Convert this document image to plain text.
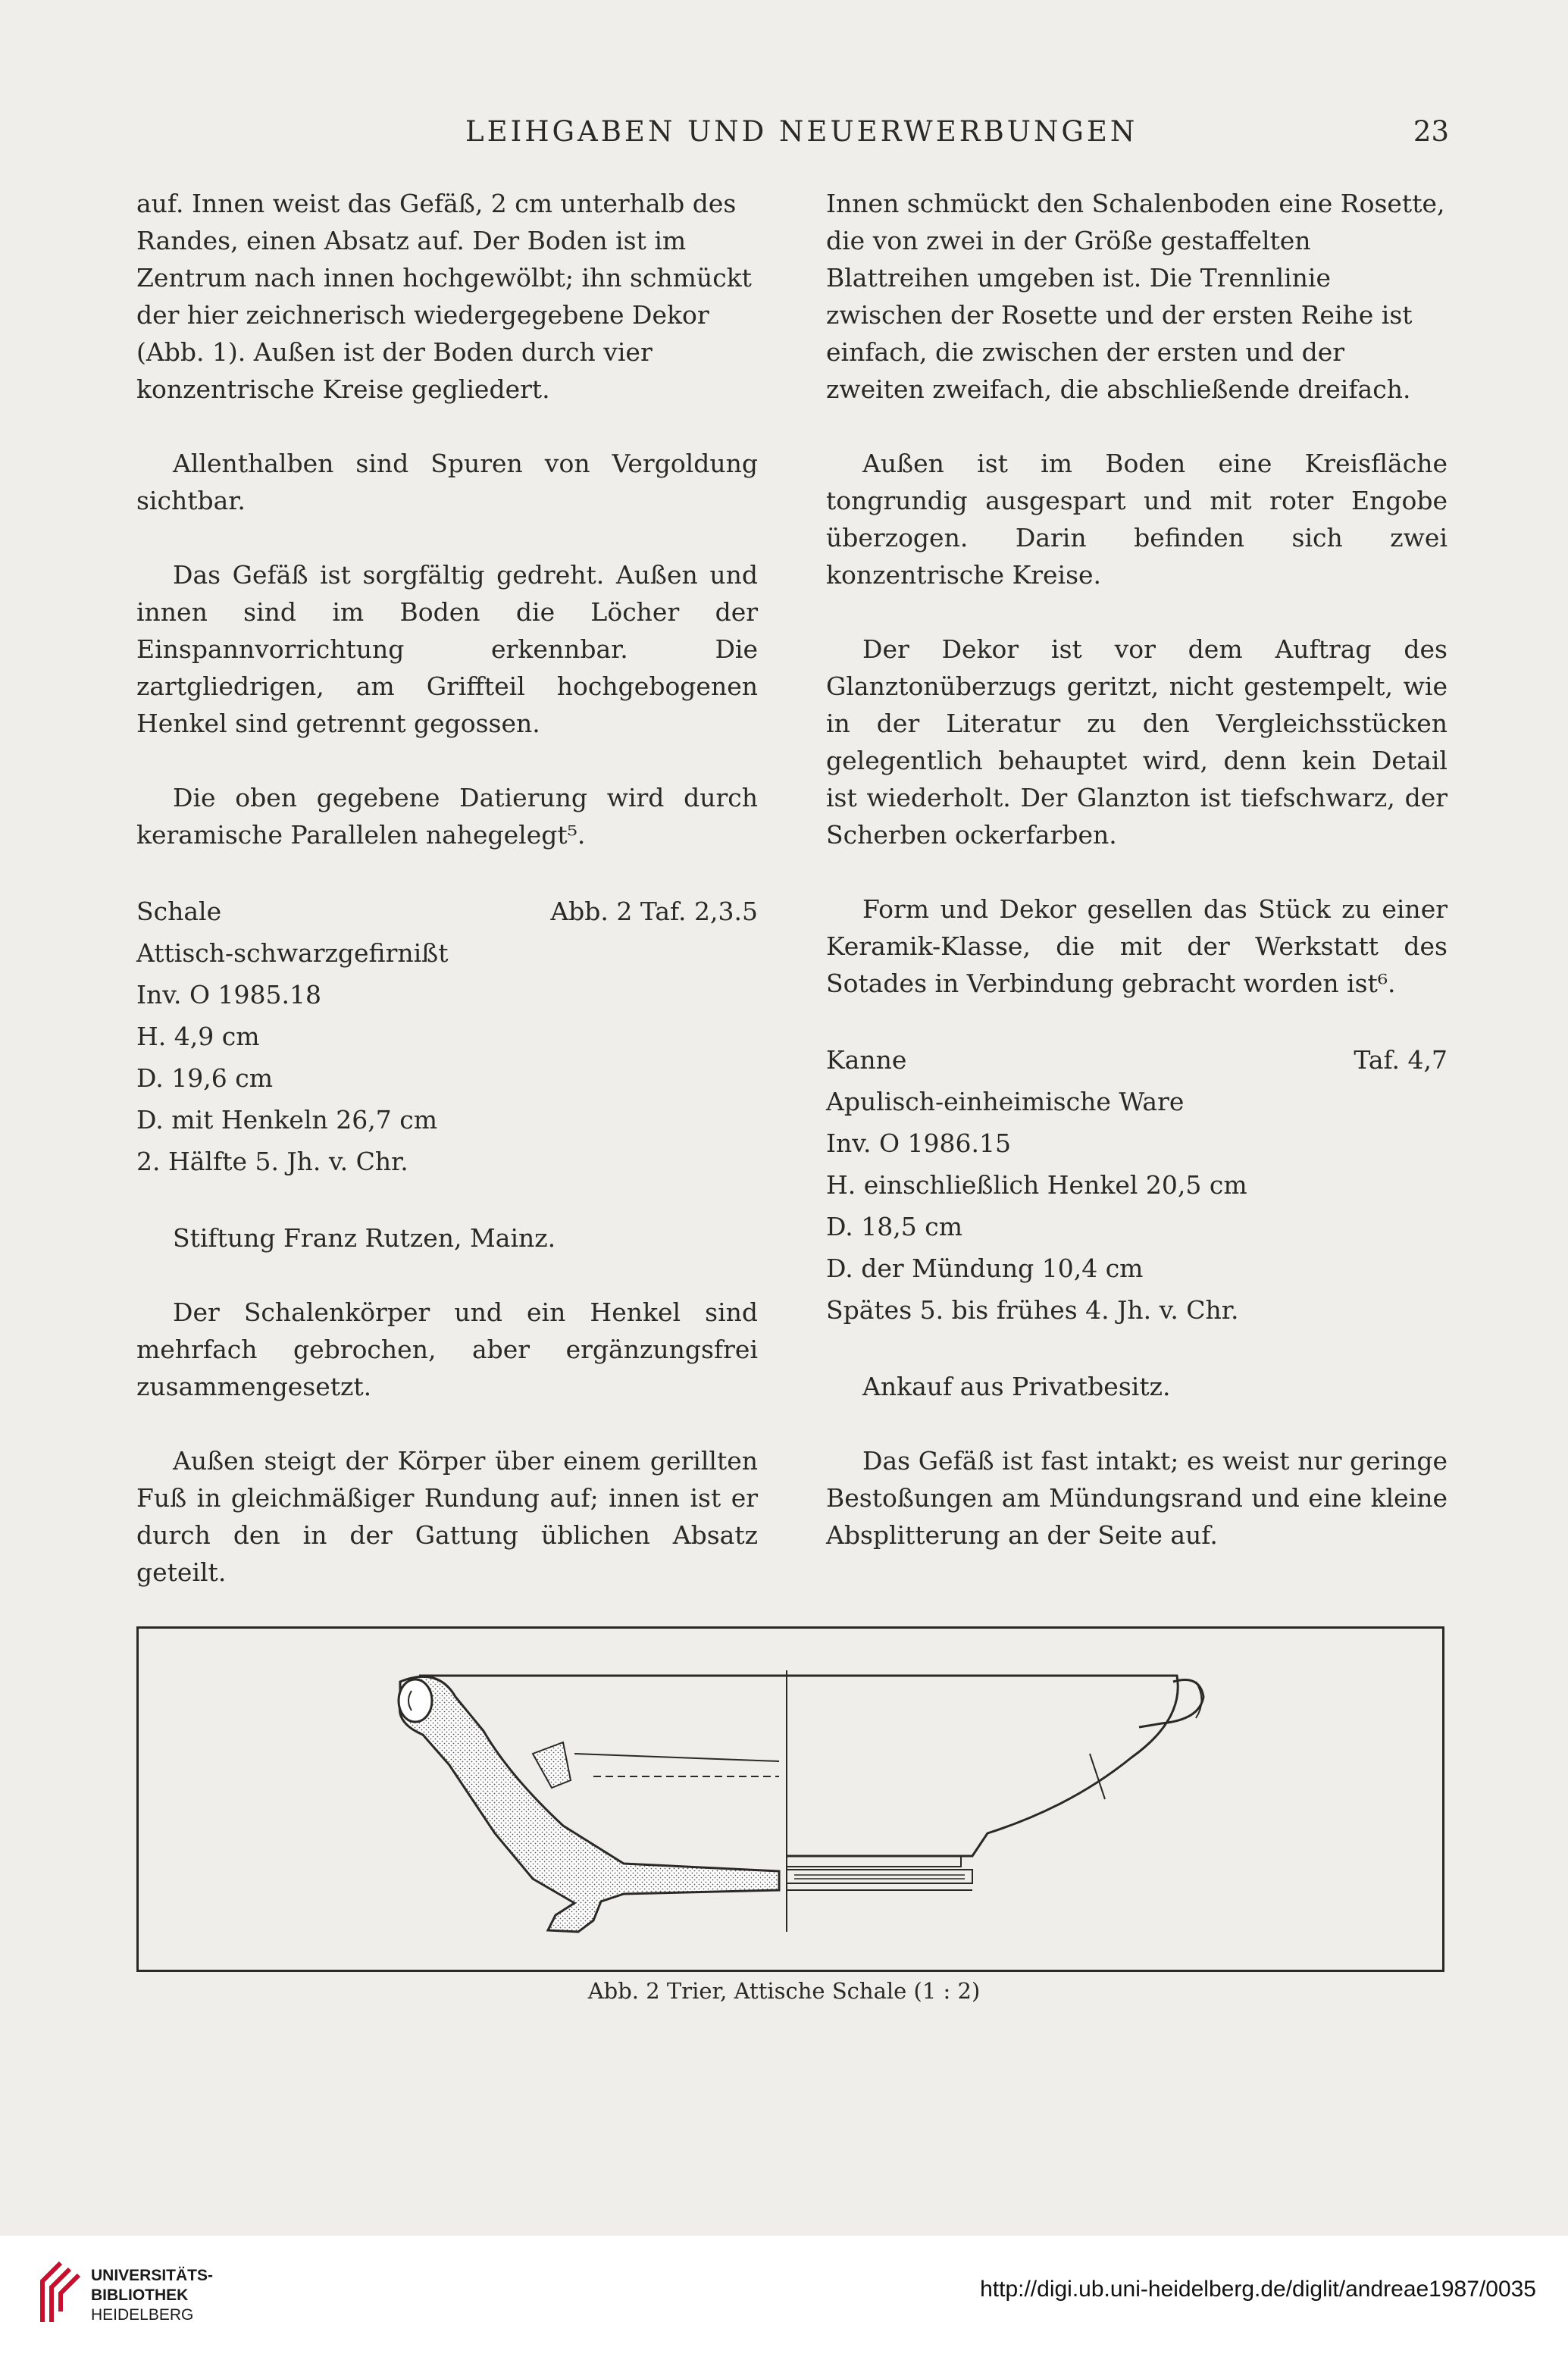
LEIHGABEN UND NEUERWERBUNGEN	23

auf. Innen weist das Gefäß, 2 cm unterhalb des Randes, einen Absatz auf. Der Boden ist im Zentrum nach innen hochgewölbt; ihn schmückt der hier zeichnerisch wiedergegebene Dekor (Abb. 1). Außen ist der Boden durch vier konzentrische Kreise gegliedert.

Allenthalben sind Spuren von Vergoldung sichtbar.

Das Gefäß ist sorgfältig gedreht. Außen und innen sind im Boden die Löcher der Einspannvorrichtung erkennbar. Die zartgliedrigen, am Griffteil hochgebogenen Henkel sind getrennt gegossen.

Die oben gegebene Datierung wird durch keramische Parallelen nahegelegt⁵.

Schale	Abb. 2 Taf. 2,3.5
Attisch-schwarzgefirnißt
Inv. O 1985.18
H. 4,9 cm
D. 19,6 cm
D. mit Henkeln 26,7 cm
2. Hälfte 5. Jh. v. Chr.

Stiftung Franz Rutzen, Mainz.

Der Schalenkörper und ein Henkel sind mehrfach gebrochen, aber ergänzungsfrei zusammengesetzt.

Außen steigt der Körper über einem gerillten Fuß in gleichmäßiger Rundung auf; innen ist er durch den in der Gattung üblichen Absatz geteilt.

Innen schmückt den Schalenboden eine Rosette, die von zwei in der Größe gestaffelten Blattreihen umgeben ist. Die Trennlinie zwischen der Rosette und der ersten Reihe ist einfach, die zwischen der ersten und der zweiten zweifach, die abschließende dreifach.

Außen ist im Boden eine Kreisfläche tongrundig ausgespart und mit roter Engobe überzogen. Darin befinden sich zwei konzentrische Kreise.

Der Dekor ist vor dem Auftrag des Glanztonüberzugs geritzt, nicht gestempelt, wie in der Literatur zu den Vergleichsstücken gelegentlich behauptet wird, denn kein Detail ist wiederholt. Der Glanzton ist tiefschwarz, der Scherben ockerfarben.

Form und Dekor gesellen das Stück zu einer Keramik-Klasse, die mit der Werkstatt des Sotades in Verbindung gebracht worden ist⁶.

Kanne	Taf. 4,7
Apulisch-einheimische Ware
Inv. O 1986.15
H. einschließlich Henkel 20,5 cm
D. 18,5 cm
D. der Mündung 10,4 cm
Spätes 5. bis frühes 4. Jh. v. Chr.

Ankauf aus Privatbesitz.

Das Gefäß ist fast intakt; es weist nur geringe Bestoßungen am Mündungsrand und eine kleine Absplitterung an der Seite auf.

Abb. 2 Trier, Attische Schale (1 : 2)
UNIVERSITÄTS-
BIBLIOTHEK
HEIDELBERG
http://digi.ub.uni-heidelberg.de/diglit/andreae1987/0035
